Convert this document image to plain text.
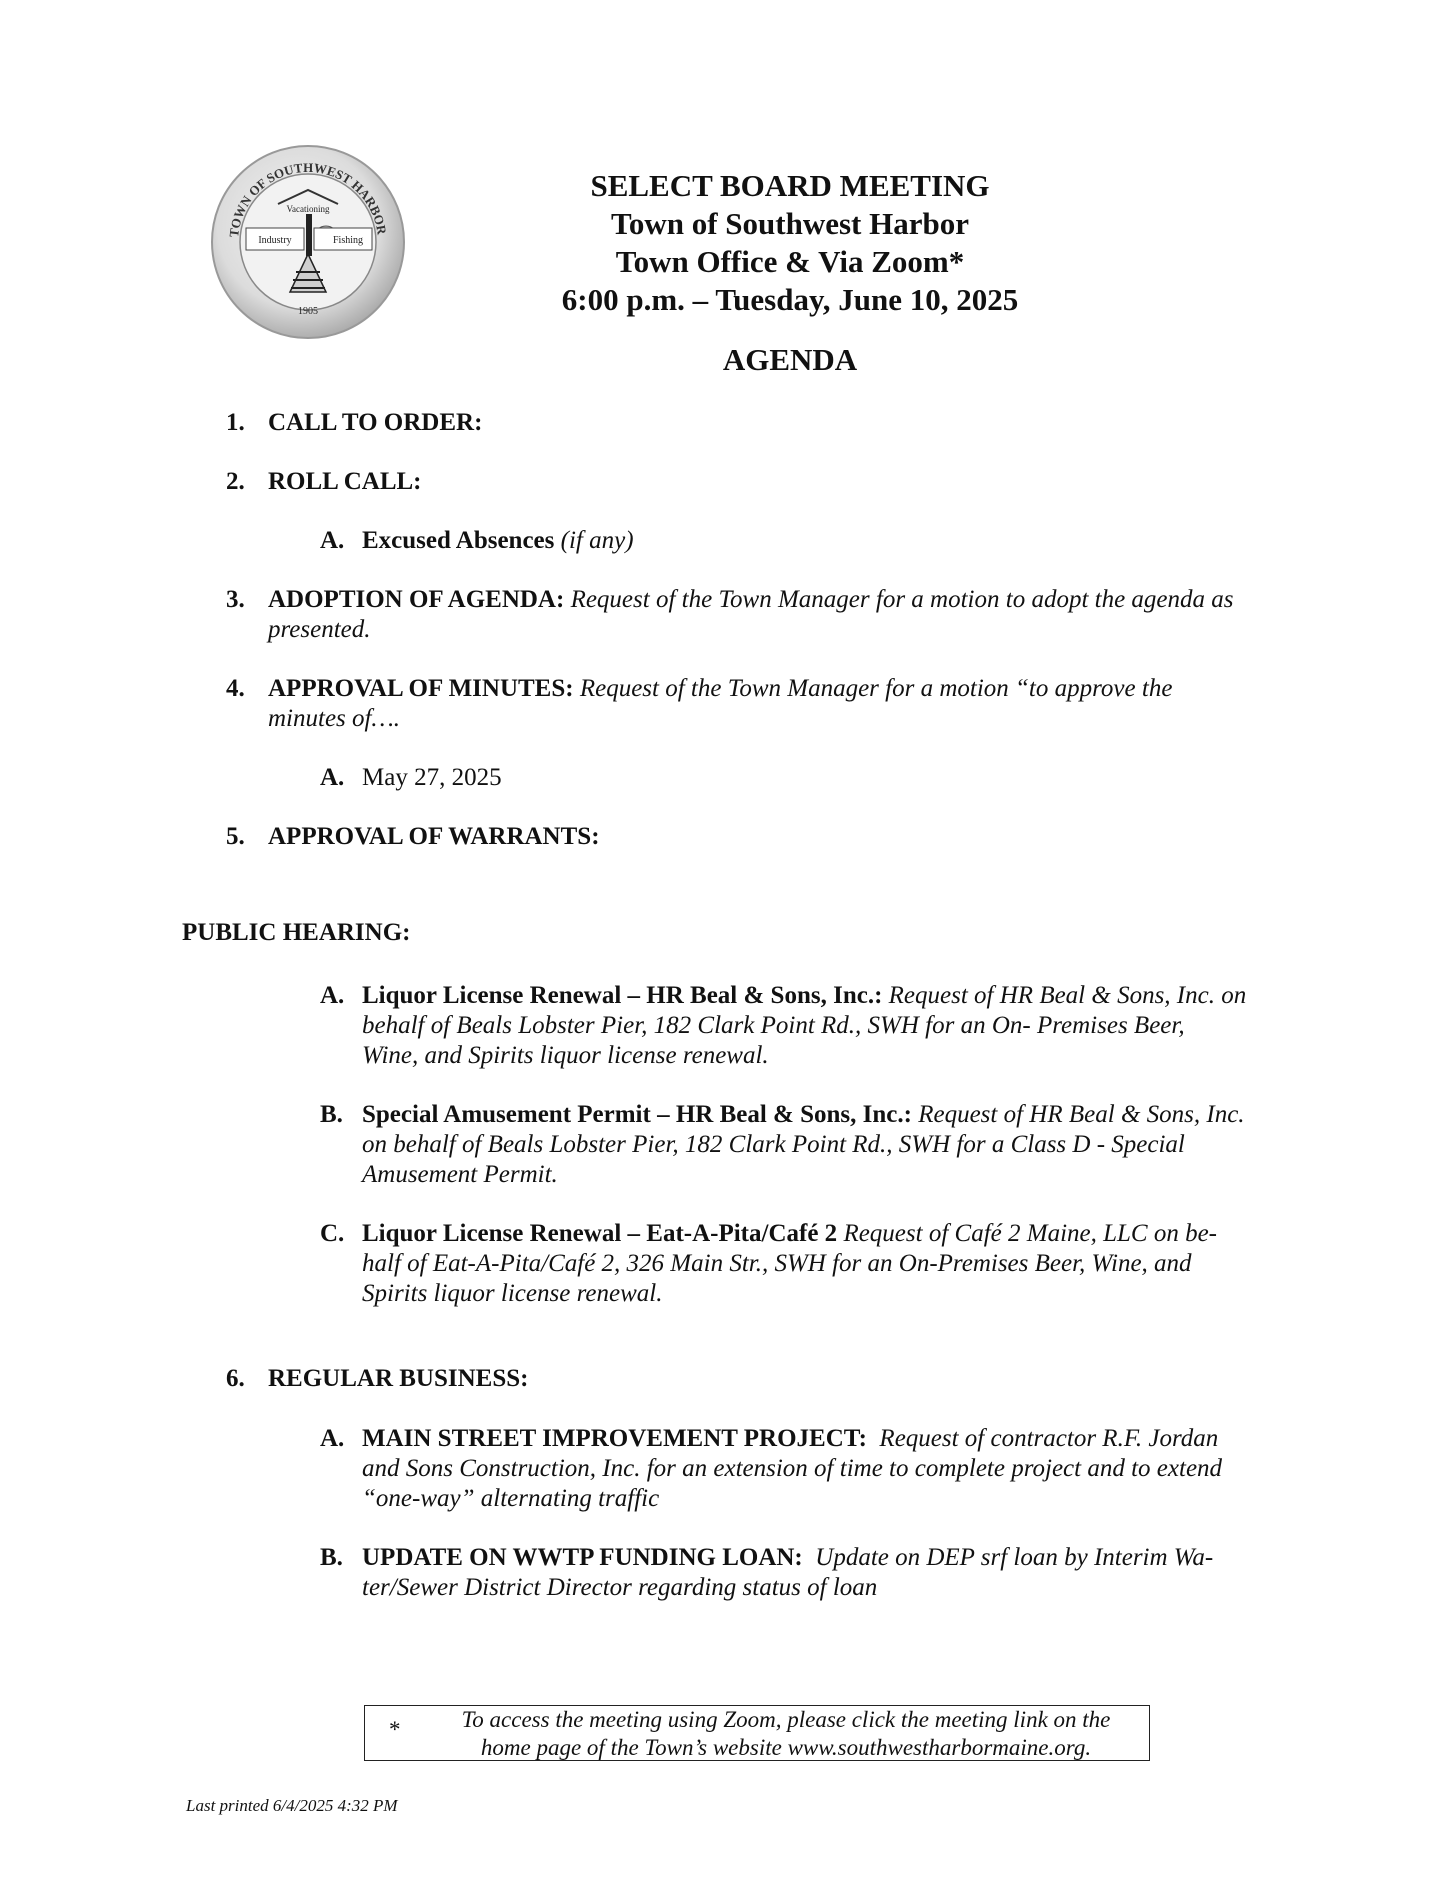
TOWN OF SOUTHWEST HARBOR
Vacationing
Industry	Fishing
1905
SELECT BOARD MEETING
Town of Southwest Harbor
Town Office & Via Zoom*
6:00 p.m. – Tuesday, June 10, 2025
AGENDA
1. CALL TO ORDER:
2. ROLL CALL:
A. Excused Absences (if any)
3. ADOPTION OF AGENDA: Request of the Town Manager for a motion to adopt the agenda as
presented.
4. APPROVAL OF MINUTES: Request of the Town Manager for a motion “to approve the
minutes of….
A. May 27, 2025
5. APPROVAL OF WARRANTS:
PUBLIC HEARING:
A. Liquor License Renewal – HR Beal & Sons, Inc.: Request of HR Beal & Sons, Inc. on
behalf of Beals Lobster Pier, 182 Clark Point Rd., SWH for an On- Premises Beer,
Wine, and Spirits liquor license renewal.
B. Special Amusement Permit – HR Beal & Sons, Inc.: Request of HR Beal & Sons, Inc.
on behalf of Beals Lobster Pier, 182 Clark Point Rd., SWH for a Class D - Special
Amusement Permit.
C. Liquor License Renewal – Eat-A-Pita/Café 2 Request of Café 2 Maine, LLC on be-
half of Eat-A-Pita/Café 2, 326 Main Str., SWH for an On-Premises Beer, Wine, and
Spirits liquor license renewal.
6. REGULAR BUSINESS:
A. MAIN STREET IMPROVEMENT PROJECT: Request of contractor R.F. Jordan
and Sons Construction, Inc. for an extension of time to complete project and to extend
“one-way” alternating traffic
B. UPDATE ON WWTP FUNDING LOAN: Update on DEP srf loan by Interim Wa-
ter/Sewer District Director regarding status of loan
*	To access the meeting using Zoom, please click the meeting link on the
home page of the Town’s website www.southwestharbormaine.org.
Last printed 6/4/2025 4:32 PM
